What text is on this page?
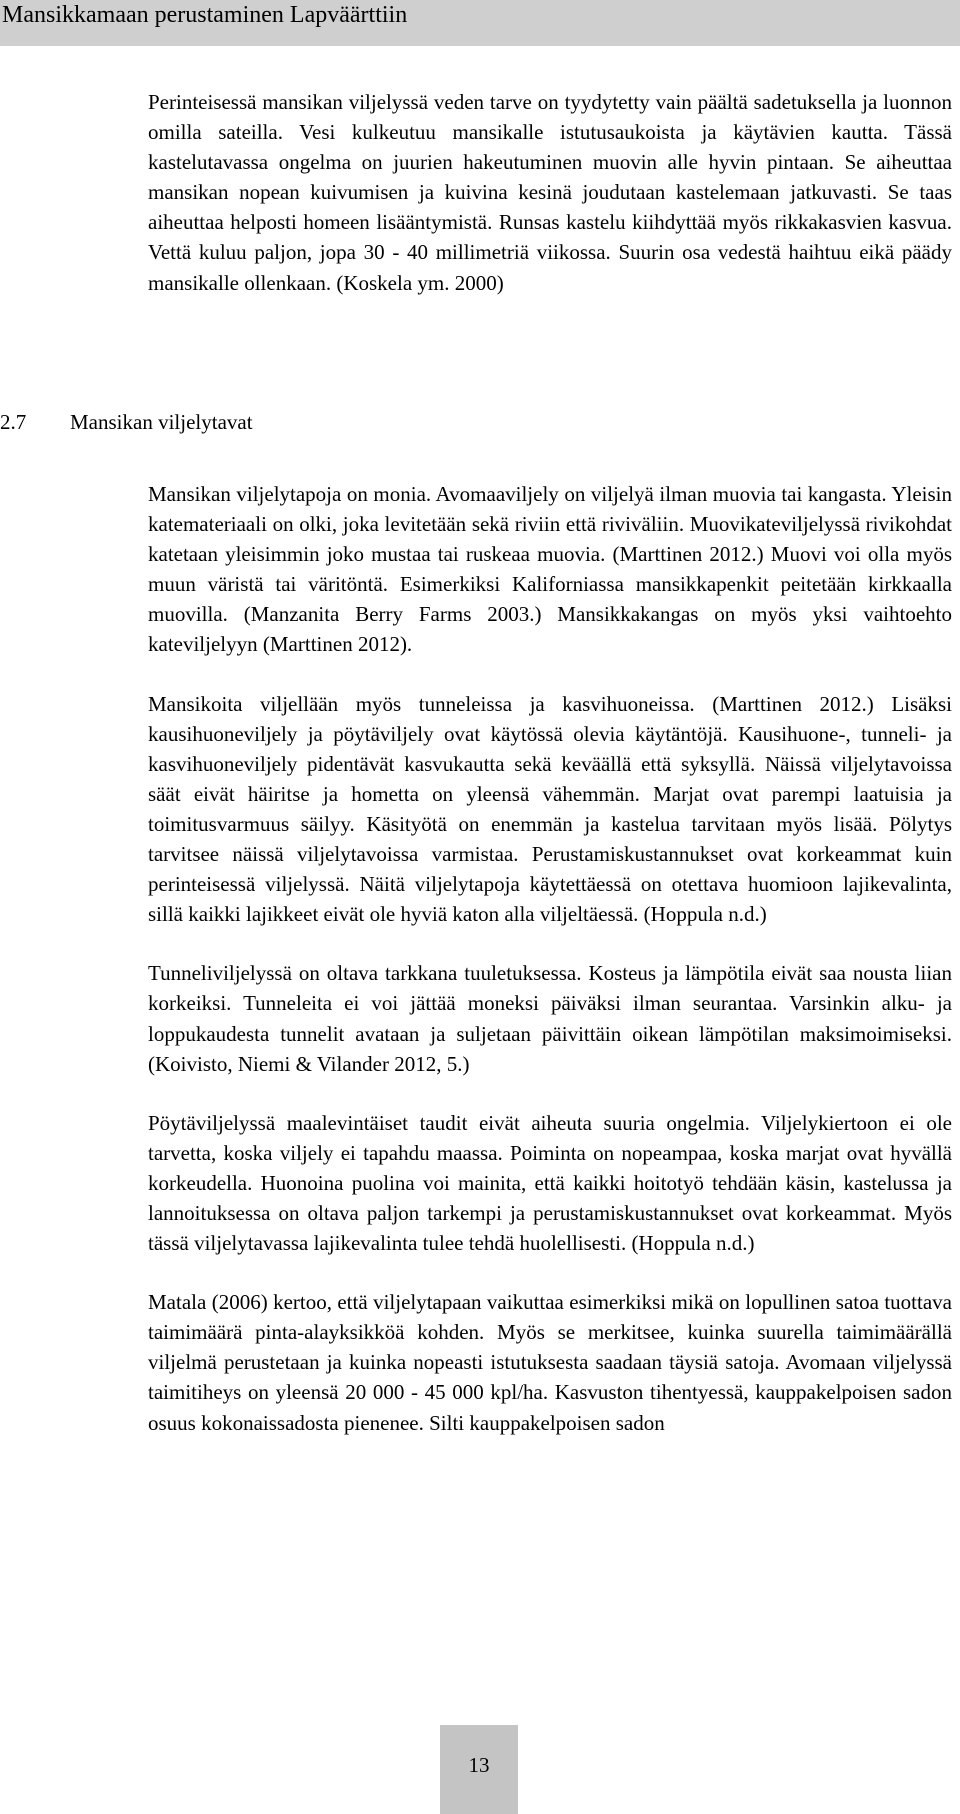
Mansikkamaan perustaminen Lapväärttiin

Perinteisessä mansikan viljelyssä veden tarve on tyydytetty vain päältä sadetuksella ja luonnon omilla sateilla. Vesi kulkeutuu mansikalle istutusaukoista ja käytävien kautta. Tässä kastelutavassa ongelma on juurien hakeutuminen muovin alle hyvin pintaan. Se aiheuttaa mansikan nopean kuivumisen ja kuivina kesinä joudutaan kastelemaan jatkuvasti. Se taas aiheuttaa helposti homeen lisääntymistä. Runsas kastelu kiihdyttää myös rikkakasvien kasvua. Vettä kuluu paljon, jopa 30 - 40 millimetriä viikossa. Suurin osa vedestä haihtuu eikä päädy mansikalle ollenkaan. (Koskela ym. 2000)

2.7 Mansikan viljelytavat

Mansikan viljelytapoja on monia. Avomaaviljely on viljelyä ilman muovia tai kangasta. Yleisin katemateriaali on olki, joka levitetään sekä riviin että riviväliin. Muovikateviljelyssä rivikohdat katetaan yleisimmin joko mustaa tai ruskeaa muovia. (Marttinen 2012.) Muovi voi olla myös muun väristä tai väritöntä. Esimerkiksi Kaliforniassa mansikkapenkit peitetään kirkkaalla muovilla. (Manzanita Berry Farms 2003.) Mansikkakangas on myös yksi vaihtoehto kateviljelyyn (Marttinen 2012).

Mansikoita viljellään myös tunneleissa ja kasvihuoneissa. (Marttinen 2012.) Lisäksi kausihuoneviljely ja pöytäviljely ovat käytössä olevia käytäntöjä. Kausihuone-, tunneli- ja kasvihuoneviljely pidentävät kasvukautta sekä keväällä että syksyllä. Näissä viljelytavoissa säät eivät häiritse ja hometta on yleensä vähemmän. Marjat ovat parempi laatuisia ja toimitusvarmuus säilyy. Käsityötä on enemmän ja kastelua tarvitaan myös lisää. Pölytys tarvitsee näissä viljelytavoissa varmistaa. Perustamiskustannukset ovat korkeammat kuin perinteisessä viljelyssä. Näitä viljelytapoja käytettäessä on otettava huomioon lajikevalinta, sillä kaikki lajikkeet eivät ole hyviä katon alla viljeltäessä. (Hoppula n.d.)

Tunneliviljelyssä on oltava tarkkana tuuletuksessa. Kosteus ja lämpötila eivät saa nousta liian korkeiksi. Tunneleita ei voi jättää moneksi päiväksi ilman seurantaa. Varsinkin alku- ja loppukaudesta tunnelit avataan ja suljetaan päivittäin oikean lämpötilan maksimoimiseksi. (Koivisto, Niemi & Vilander 2012, 5.)

Pöytäviljelyssä maalevintäiset taudit eivät aiheuta suuria ongelmia. Viljelykiertoon ei ole tarvetta, koska viljely ei tapahdu maassa. Poiminta on nopeampaa, koska marjat ovat hyvällä korkeudella. Huonoina puolina voi mainita, että kaikki hoitotyö tehdään käsin, kastelussa ja lannoituksessa on oltava paljon tarkempi ja perustamiskustannukset ovat korkeammat. Myös tässä viljelytavassa lajikevalinta tulee tehdä huolellisesti. (Hoppula n.d.)

Matala (2006) kertoo, että viljelytapaan vaikuttaa esimerkiksi mikä on lopullinen satoa tuottava taimimäärä pinta-alayksikköä kohden. Myös se merkitsee, kuinka suurella taimimäärällä viljelmä perustetaan ja kuinka nopeasti istutuksesta saadaan täysiä satoja. Avomaan viljelyssä taimitiheys on yleensä 20 000 - 45 000 kpl/ha. Kasvuston tihentyessä, kauppakelpoisen sadon osuus kokonaissadosta pienenee. Silti kauppakelpoisen sadon

13
